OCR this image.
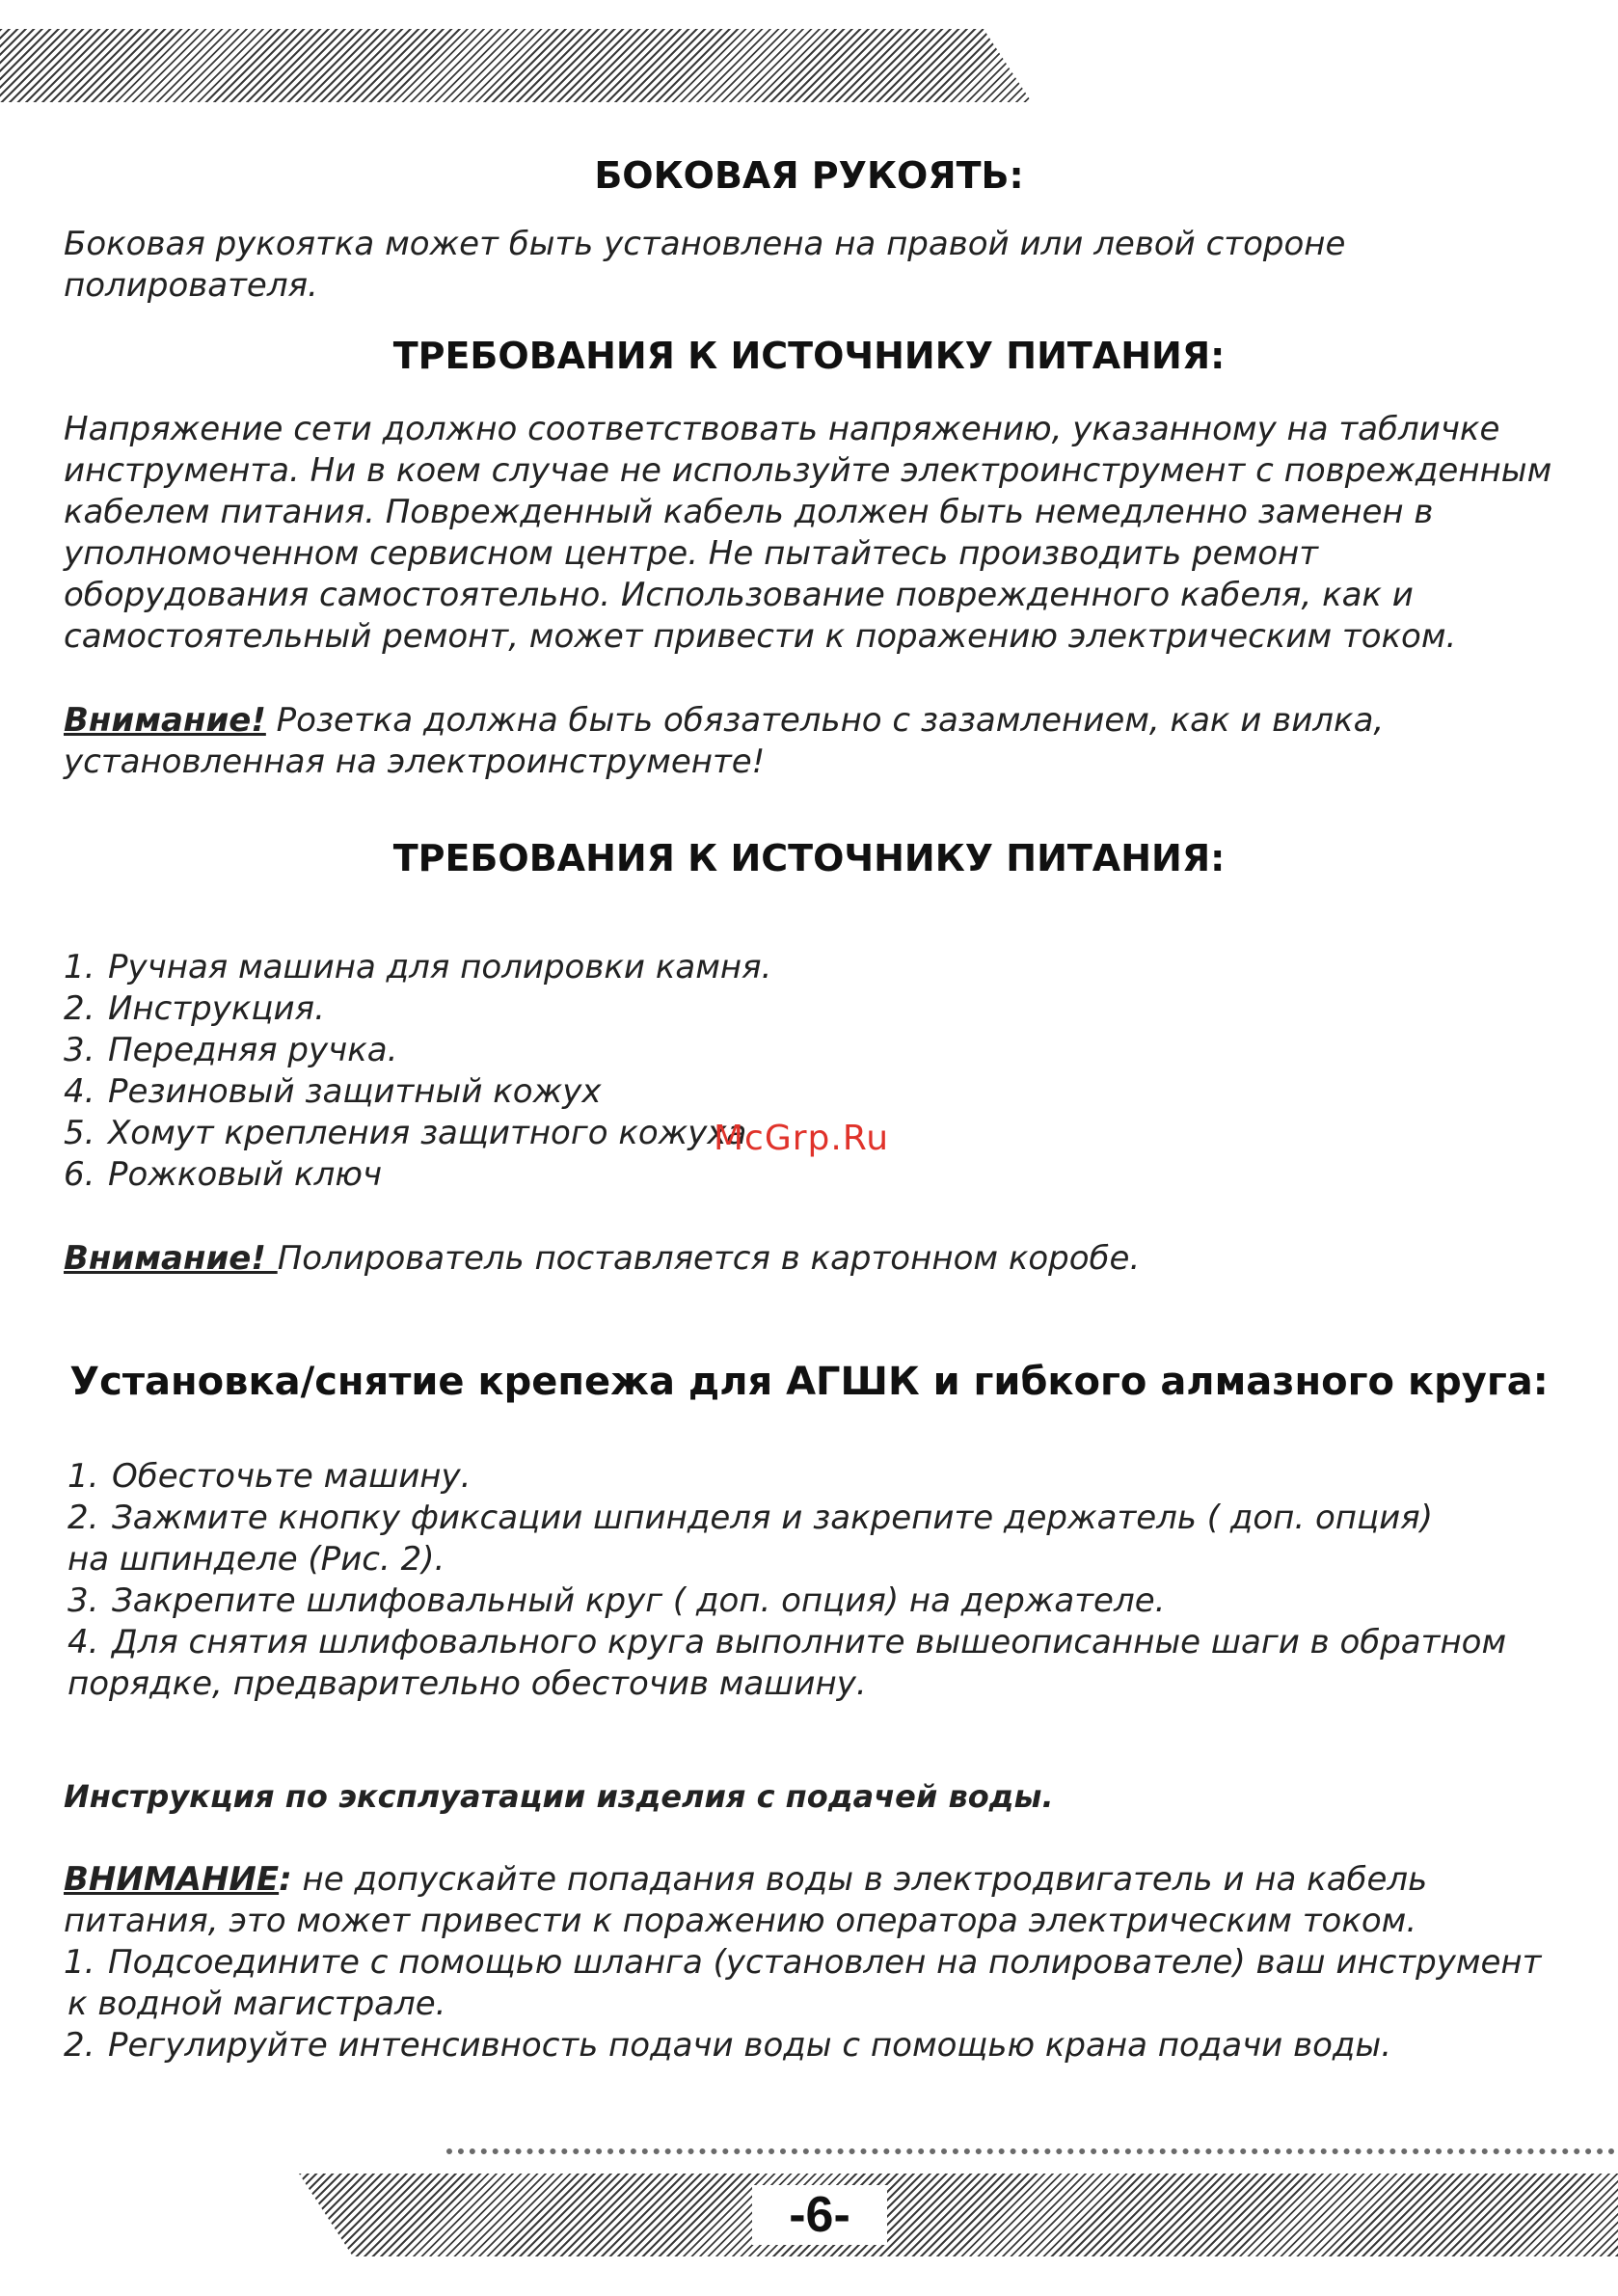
БОКОВАЯ РУКОЯТЬ:

Боковая рукоятка может быть установлена на правой или левой стороне полирователя.

ТРЕБОВАНИЯ К ИСТОЧНИКУ ПИТАНИЯ:

Напряжение сети должно соответствовать напряжению, указанному на табличке инструмента. Ни в коем случае не используйте электроинструмент с поврежденным кабелем питания. Поврежденный кабель должен быть немедленно заменен в уполномоченном сервисном центре. Не пытайтесь производить ремонт оборудования самостоятельно. Использование поврежденного кабеля, как и самостоятельный ремонт, может привести к поражению электрическим током.

Внимание! Розетка должна быть обязательно с зазамлением, как и вилка, установленная на электроинструменте!

ТРЕБОВАНИЯ К ИСТОЧНИКУ ПИТАНИЯ:
1. Ручная машина для полировки камня.
2. Инструкция.
3. Передняя ручка.
4. Резиновый защитный кожух
5. Хомут крепления защитного кожуха
6. Рожковый ключ
McGrp.Ru

Внимание! Полирователь поставляется в картонном коробе.

Установка/снятие крепежа для АГШК и гибкого алмазного круга:
1. Обесточьте машину.
2. Зажмите кнопку фиксации шпинделя и закрепите держатель ( доп. опция)
на шпинделе (Рис. 2).
3. Закрепите шлифовальный круг ( доп. опция) на держателе.
4. Для снятия шлифовального круга выполните вышеописанные шаги в обратном
порядке, предварительно обесточив машину.

Инструкция по эксплуатации изделия с подачей воды.

ВНИМАНИЕ: не допускайте попадания воды в электродвигатель и на кабель питания, это может привести к поражению оператора электрическим током.

1. Подсоедините с помощью шланга (установлен на полирователе) ваш инструмент
к водной магистрале.
2. Регулируйте интенсивность подачи воды с помощью крана подачи воды.
-6-
